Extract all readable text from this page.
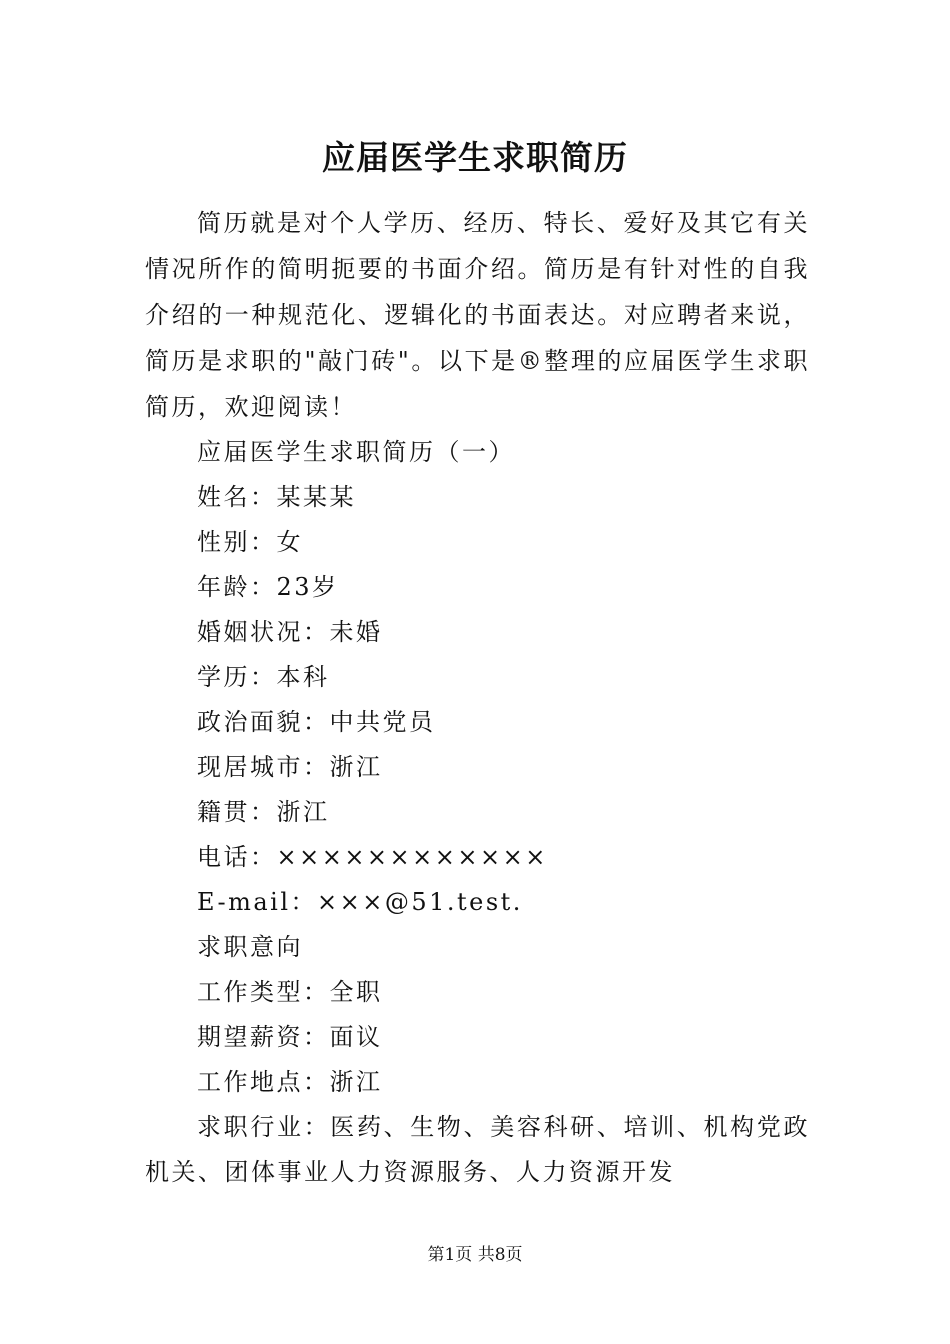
应届医学生求职简历

简历就是对个人学历、经历、特长、爱好及其它有关情况所作的简明扼要的书面介绍。简历是有针对性的自我介绍的一种规范化、逻辑化的书面表达。对应聘者来说，简历是求职的"敲门砖"。以下是®整理的应届医学生求职简历，欢迎阅读！

应届医学生求职简历（一）

姓名：某某某

性别：女

年龄：23岁

婚姻状况：未婚

学历：本科

政治面貌：中共党员

现居城市：浙江

籍贯：浙江

电话：××××××××××××

E-mail：×××@51.test.

求职意向

工作类型：全职

期望薪资：面议

工作地点：浙江

求职行业：医药、生物、美容科研、培训、机构党政机关、团体事业人力资源服务、人力资源开发

第1页 共8页
